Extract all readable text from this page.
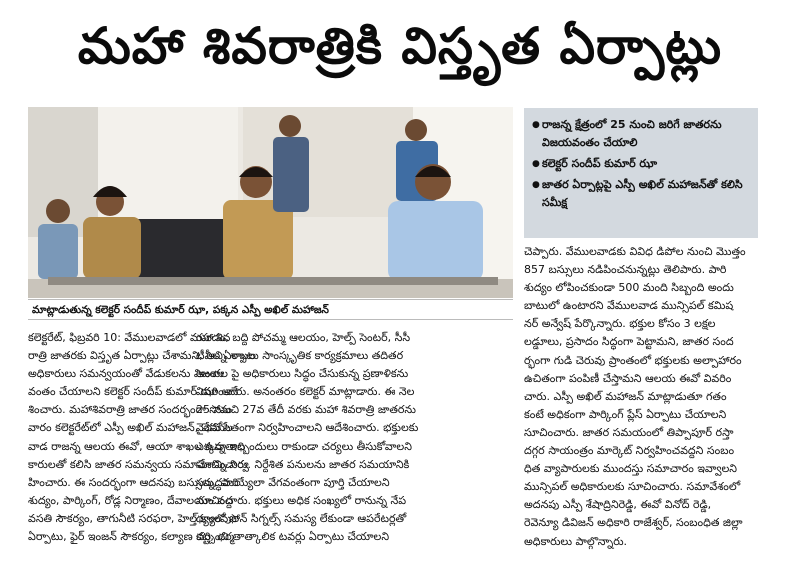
మహా శివరాత్రికి విస్తృత ఏర్పాట్లు
మాట్లాడుతున్న కలెక్టర్ సందీప్ కుమార్ ఝా, పక్కన ఎస్పీ అఖిల్ మహాజన్
● రాజన్న క్షేత్రంలో 25 నుంచి జరిగే జాతరను విజయవంతం చేయాలి
● కలెక్టర్ సందీప్ కుమార్ ఝా
● జాతర ఏర్పాట్లపై ఎస్పీ అఖిల్ మహాజన్‌తో కలిసి సమీక్ష
కలెక్టరేట్, ఫిబ్రవరి 10: వేములవాడలో మహా శివ
రాత్రి జాతరకు విస్తృత ఏర్పాట్లు చేశామని, అన్ని శాఖల
అధికారులు సమన్వయంతో వేడుకలను విజయ
వంతం చేయాలని కలెక్టర్ సందీప్ కుమార్ ఝా ఆదే
శించారు. మహాశివరాత్రి జాతర సందర్భంగా సోమ
వారం కలెక్టరేట్‌లో ఎస్పీ అఖిల్ మహాజన్, వేముల
వాడ రాజన్న ఆలయ ఈవో, ఆయా శాఖల ఉన్నతాధి
కారులతో కలిసి జాతర సమన్వయ సమావేశాన్ని నిర్వ
హించారు. ఈ సందర్భంగా ఆదనపు బస్సులు, పారి
శుద్యం, పార్కింగ్, రోడ్ల నిర్మాణం, దేవాలయం వద్ద
వసతి సౌకర్యం, తాగునీటి సరఫరా, హెల్త్ క్యాంపుల
ఏర్పాటు, ఫైర్ ఇంజన్ సౌకర్యం, కల్యాణ కట్ట, ధర్మ
గుండం, బద్ది పోచమ్మ ఆలయం, హెల్ప్ సెంటర్, సీసీ
టీవీల ఏర్పాటు సాంస్కృతిక కార్యక్రమాలు తదితర
అంశాల పై అధికారులు సిద్ధం చేసుకున్న ప్రణాళికను
వివరించారు. అనంతరం కలెక్టర్ మాట్లాడారు. ఈ నెల
25 నుంచి 27వ తేదీ వరకు మహా శివరాత్రి జాతరను
వైభవోపేతంగా నిర్వహించాలని ఆదేశించారు. భక్తులకు
ఎక్కడా ఇబ్బందులు రాకుండా చర్యలు తీసుకోవాలని
సూచించారు. నిర్దేశిత పనులను జాతర సమయానికి
సన్నద్ధమయ్యేలా వేగవంతంగా పూర్తి చేయాలని
సూచించారు. భక్తులు అధిక సంఖ్యలో రానున్న నేప
థ్యంలో ఫోన్ సిగ్నల్స్ సమస్య లేకుండా ఆపరేటర్లతో
చర్చించి తాత్కాలిక టవర్లు ఏర్పాటు చేయాలని
చెప్పారు. వేములవాడకు వివిధ డిపోల నుంచి మొత్తం
857 బస్సులు నడిపించనున్నట్లు తెలిపారు. పారి
శుద్యం లోపించకుండా 500 మంది సిబ్బంది అందు
బాటులో ఉంటారని వేములవాడ మున్సిపల్ కమిష
నర్ అన్వేష్ పేర్కొన్నారు. భక్తుల కోసం 3 లక్షల
లడ్డూలు, ప్రసాదం సిద్ధంగా పెట్టామని, జాతర సంద
ర్భంగా గుడి చెరువు ప్రాంతంలో భక్తులకు అల్పాహారం
ఉచితంగా పంపిణీ చేస్తామని ఆలయ ఈవో వివరిం
చారు. ఎస్పీ అఖిల్ మహాజన్ మాట్లాడుతూ గతం
కంటే అధికంగా పార్కింగ్ ప్లేస్ ఏర్పాటు చేయాలని
సూచించారు. జాతర సమయంలో తిప్పాపూర్ రస్తా
దగ్గర సాయంత్రం మార్కెట్ నిర్వహించవద్దని సంబం
ధిత వ్యాపారులకు ముందస్తు సమాచారం ఇవ్వాలని
మున్సిపల్ అధికారులకు సూచించారు. సమావేశంలో
అదనపు ఎస్పీ శేషాద్రినిరెడ్డి, ఈవో వినోద్ రెడ్డి,
రెవెన్యూ డివిజన్ అధికారి రాజేశ్వర్, సంబంధిత జిల్లా
అధికారులు పాల్గొన్నారు.
